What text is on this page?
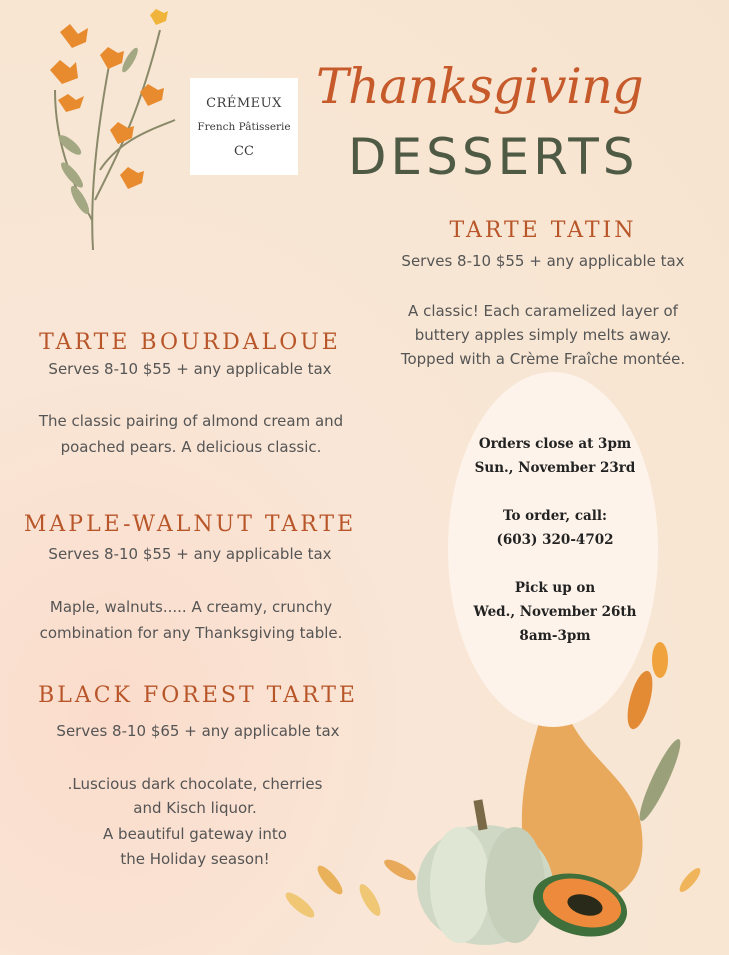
CRÉMEUX
French Pâtisserie
CC
Thanksgiving
DESSERTS
TARTE TATIN
Serves 8-10 $55 + any applicable tax
A classic! Each caramelized layer of
buttery apples simply melts away.
Topped with a Crème Fraîche montée.
TARTE BOURDALOUE
Serves 8-10 $55 + any applicable tax
The classic pairing of almond cream and
poached pears. A delicious classic.	Orders close at 3pm
Sun., November 23rd
To order, call:
(603) 320-4702
Pick up on
Wed., November 26th
8am-3pm
MAPLE-WALNUT TARTE
Serves 8-10 $55 + any applicable tax
Maple, walnuts..... A creamy, crunchy
combination for any Thanksgiving table.
BLACK FOREST TARTE
Serves 8-10 $65 + any applicable tax
.Luscious dark chocolate, cherries
and Kisch liquor.
A beautiful gateway into
the Holiday season!
